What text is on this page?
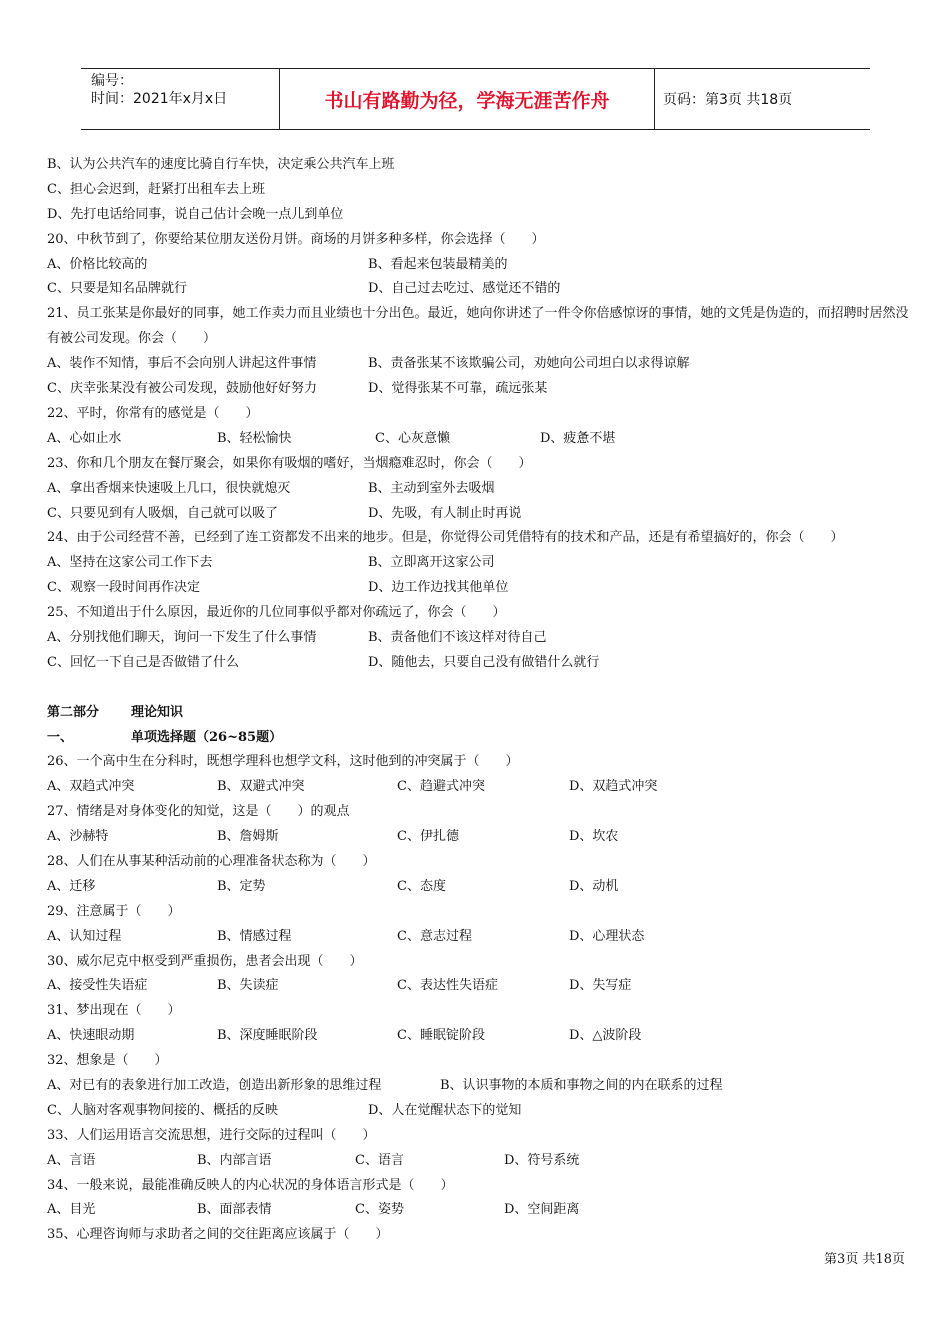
编号：
时间：2021年x月x日	书山有路勤为径，学海无涯苦作舟	页码：第3页 共18页
B、认为公共汽车的速度比骑自行车快，决定乘公共汽车上班
C、担心会迟到，赶紧打出租车去上班
D、先打电话给同事，说自己估计会晚一点儿到单位
20、中秋节到了，你要给某位朋友送份月饼。商场的月饼多种多样，你会选择（　　）
A、价格比较高的	B、看起来包装最精美的
C、只要是知名品牌就行	D、自己过去吃过、感觉还不错的
21、员工张某是你最好的同事，她工作卖力而且业绩也十分出色。最近，她向你讲述了一件令你倍感惊讶的事情，她的文凭是伪造的，而招聘时居然没有被公司发现。你会（　　）
A、装作不知情，事后不会向别人讲起这件事情	B、责备张某不该欺骗公司，劝她向公司坦白以求得谅解
C、庆幸张某没有被公司发现，鼓励他好好努力	D、觉得张某不可靠，疏远张某
22、平时，你常有的感觉是（　　）
A、心如止水	B、轻松愉快	C、心灰意懒	D、疲惫不堪
23、你和几个朋友在餐厅聚会，如果你有吸烟的嗜好，当烟瘾难忍时，你会（　　）
A、拿出香烟来快速吸上几口，很快就熄灭	B、主动到室外去吸烟
C、只要见到有人吸烟，自己就可以吸了	D、先吸，有人制止时再说
24、由于公司经营不善，已经到了连工资都发不出来的地步。但是，你觉得公司凭借特有的技术和产品，还是有希望搞好的，你会（　　）
A、坚持在这家公司工作下去	B、立即离开这家公司
C、观察一段时间再作决定	D、边工作边找其他单位
25、不知道出于什么原因，最近你的几位同事似乎都对你疏远了，你会（　　）
A、分别找他们聊天，询问一下发生了什么事情	B、责备他们不该这样对待自己
C、回忆一下自己是否做错了什么	D、随他去，只要自己没有做错什么就行
第二部分 理论知识
一、	单项选择题（26~85题）
26、一个高中生在分科时，既想学理科也想学文科，这时他到的冲突属于（　　）
A、双趋式冲突	B、双避式冲突	C、趋避式冲突	D、双趋式冲突
27、情绪是对身体变化的知觉，这是（　　）的观点
A、沙赫特	B、詹姆斯	C、伊扎德	D、坎农
28、人们在从事某种活动前的心理准备状态称为（　　）
A、迁移	B、定势	C、态度	D、动机
29、注意属于（　　）
A、认知过程	B、情感过程	C、意志过程	D、心理状态
30、威尔尼克中枢受到严重损伤，患者会出现（　　）
A、接受性失语症	B、失读症	C、表达性失语症	D、失写症
31、梦出现在（　　）
A、快速眼动期	B、深度睡眠阶段	C、睡眠锭阶段	D、△波阶段
32、想象是（　　）
A、对已有的表象进行加工改造，创造出新形象的思维过程	B、认识事物的本质和事物之间的内在联系的过程
C、人脑对客观事物间接的、概括的反映	D、人在觉醒状态下的觉知
33、人们运用语言交流思想，进行交际的过程叫（　　）
A、言语	B、内部言语	C、语言	D、符号系统
34、一般来说，最能准确反映人的内心状况的身体语言形式是（　　）
A、目光	B、面部表情	C、姿势	D、空间距离
35、心理咨询师与求助者之间的交往距离应该属于（　　）
第3页 共18页
